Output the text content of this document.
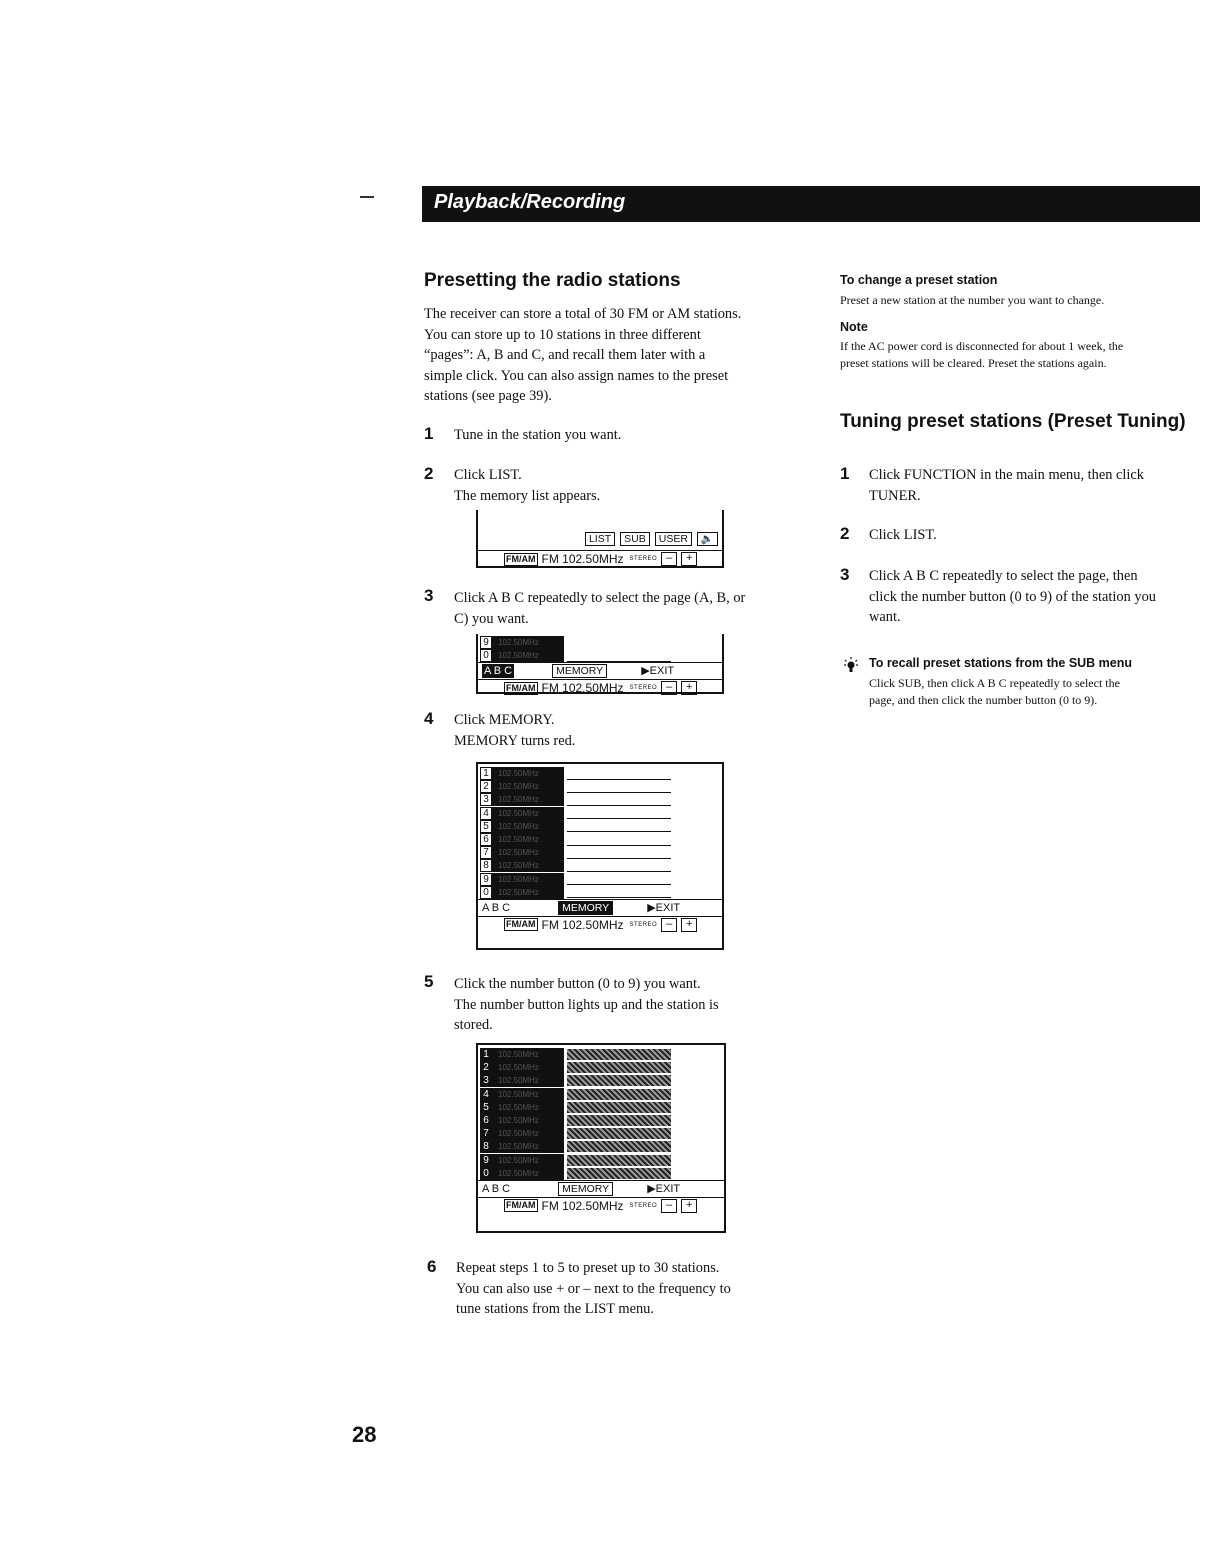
Playback/Recording
Presetting the radio stations
The receiver can store a total of 30 FM or AM stations.
You can store up to 10 stations in three different
“pages”: A, B and C, and recall them later with a
simple click. You can also assign names to the preset
stations (see page 39).
1 Tune in the station you want.
2 Click LIST.
The memory list appears.
LIST	SUB	USER	🔈
FM/AM FM 102.50MHz STEREO –	+
3 Click A B C repeatedly to select the page (A, B, or
C) you want.
9	102.50MHz
0	102.50MHz
A B C	MEMORY	▶EXIT
FM/AM FM 102.50MHz STEREO –	+
4 Click MEMORY.
MEMORY turns red.
1	102.50MHz
2	102.50MHz
3	102.50MHz
4	102.50MHz
5	102.50MHz
6	102.50MHz
7	102.50MHz
8	102.50MHz
9	102.50MHz
0	102.50MHz
A B C	MEMORY	▶EXIT
FM/AM FM 102.50MHz STEREO –	+
5 Click the number button (0 to 9) you want.
The number button lights up and the station is
stored.
1	102.50MHz
2	102.50MHz
3	102.50MHz
4	102.50MHz
5	102.50MHz
6	102.50MHz
7	102.50MHz
8	102.50MHz
9	102.50MHz
0	102.50MHz
A B C	MEMORY	▶EXIT
FM/AM FM 102.50MHz STEREO –	+
6 Repeat steps 1 to 5 to preset up to 30 stations.
You can also use + or – next to the frequency to
tune stations from the LIST menu.
To change a preset station
Preset a new station at the number you want to change.
Note
If the AC power cord is disconnected for about 1 week, the
preset stations will be cleared. Preset the stations again.
Tuning preset stations (Preset Tuning)
1 Click FUNCTION in the main menu, then click
TUNER.
2 Click LIST.
3 Click A B C repeatedly to select the page, then
click the number button (0 to 9) of the station you
want.
To recall preset stations from the SUB menu
Click SUB, then click A B C repeatedly to select the
page, and then click the number button (0 to 9).
28
